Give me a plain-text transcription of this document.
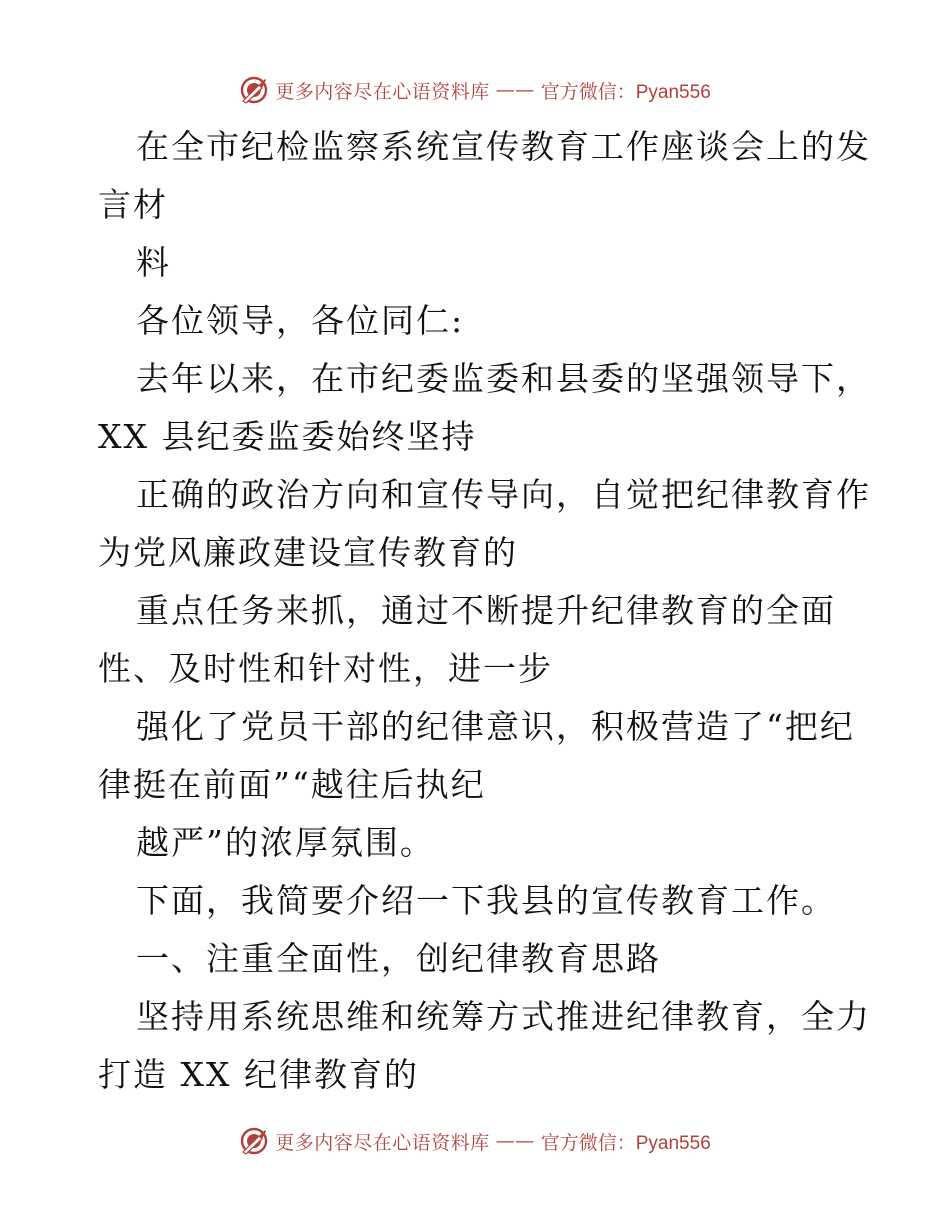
更多内容尽在心语资料库 —— 官方微信：Pyan556
在全市纪检监察系统宣传教育工作座谈会上的发
言材
料
各位领导，各位同仁:
去年以来，在市纪委监委和县委的坚强领导下，
XX 县纪委监委始终坚持
正确的政治方向和宣传导向，自觉把纪律教育作
为党风廉政建设宣传教育的
重点任务来抓，通过不断提升纪律教育的全面
性、及时性和针对性，进一步
强化了党员干部的纪律意识，积极营造了“把纪
律挺在前面”“越往后执纪
越严”的浓厚氛围。
下面，我简要介绍一下我县的宣传教育工作。
一、注重全面性，创纪律教育思路
坚持用系统思维和统筹方式推进纪律教育，全力
打造 XX 纪律教育的
更多内容尽在心语资料库 —— 官方微信：Pyan556
